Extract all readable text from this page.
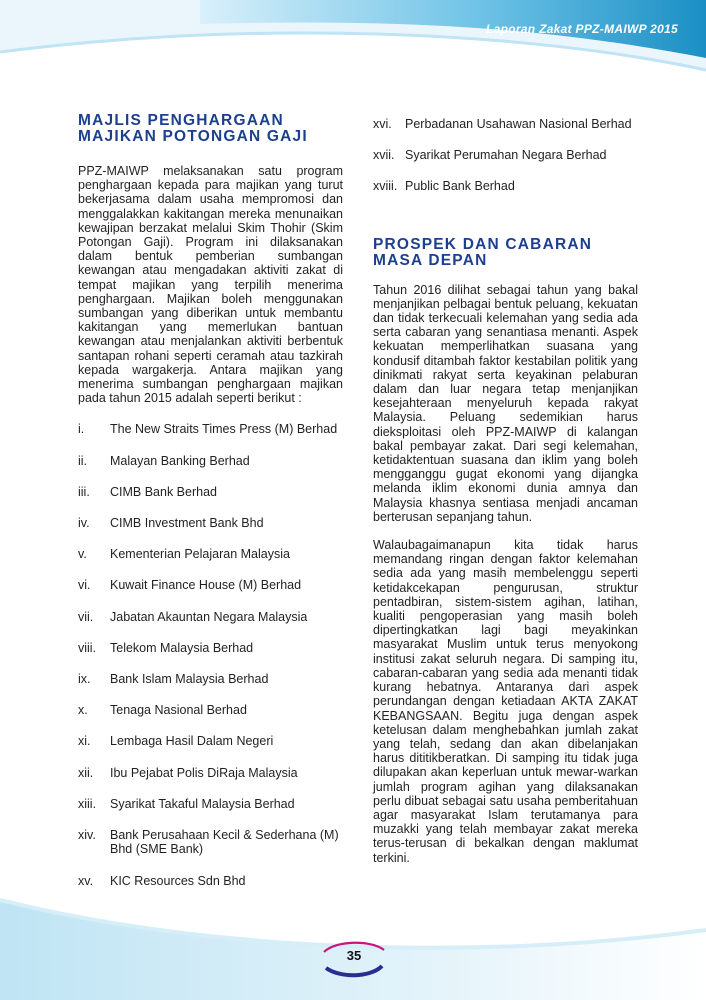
Laporan Zakat PPZ-MAIWP 2015
MAJLIS PENGHARGAAN
MAJIKAN POTONGAN GAJI

PPZ-MAIWP melaksanakan satu program penghargaan kepada para majikan yang turut bekerjasama dalam usaha mempromosi dan menggalakkan kakitangan mereka menunaikan kewajipan berzakat melalui Skim Thohir (Skim Potongan Gaji). Program ini dilaksanakan dalam bentuk pemberian sumbangan kewangan atau mengadakan aktiviti zakat di tempat majikan yang terpilih menerima penghargaan. Majikan boleh menggunakan sumbangan yang diberikan untuk membantu kakitangan yang memerlukan bantuan kewangan atau menjalankan aktiviti berbentuk santapan rohani seperti ceramah atau tazkirah kepada wargakerja. Antara majikan yang menerima sumbangan penghargaan majikan pada tahun 2015 adalah seperti berikut :

i.	The New Straits Times Press (M) Berhad
ii.	Malayan Banking Berhad
iii.	CIMB Bank Berhad
iv.	CIMB Investment Bank Bhd
v.	Kementerian Pelajaran Malaysia
vi.	Kuwait Finance House (M) Berhad
vii.	Jabatan Akauntan Negara Malaysia
viii.	Telekom Malaysia Berhad
ix.	Bank Islam Malaysia Berhad
x.	Tenaga Nasional Berhad
xi.	Lembaga Hasil Dalam Negeri
xii.	Ibu Pejabat Polis DiRaja Malaysia
xiii.	Syarikat Takaful Malaysia Berhad
xiv.	Bank Perusahaan Kecil & Sederhana (M) Bhd (SME Bank)
xv.	KIC Resources Sdn Bhd
xvi.	Perbadanan Usahawan Nasional Berhad
xvii. Syarikat Perumahan Negara Berhad
xviii. Public Bank Berhad
PROSPEK DAN CABARAN
MASA DEPAN

Tahun 2016 dilihat sebagai tahun yang bakal menjanjikan pelbagai bentuk peluang, kekuatan dan tidak terkecuali kelemahan yang sedia ada serta cabaran yang senantiasa menanti. Aspek kekuatan memperlihatkan suasana yang kondusif ditambah faktor kestabilan politik yang dinikmati rakyat serta keyakinan pelaburan dalam dan luar negara tetap menjanjikan kesejahteraan menyeluruh kepada rakyat Malaysia. Peluang sedemikian harus dieksploitasi oleh PPZ-MAIWP di kalangan bakal pembayar zakat. Dari segi kelemahan, ketidaktentuan suasana dan iklim yang boleh mengganggu gugat ekonomi yang dijangka melanda iklim ekonomi dunia amnya dan Malaysia khasnya sentiasa menjadi ancaman berterusan sepanjang tahun.

Walaubagaimanapun kita tidak harus memandang ringan dengan faktor kelemahan sedia ada yang masih membelenggu seperti ketidakcekapan pengurusan, struktur pentadbiran, sistem-sistem agihan, latihan, kualiti pengoperasian yang masih boleh dipertingkatkan lagi bagi meyakinkan masyarakat Muslim untuk terus menyokong institusi zakat seluruh negara. Di samping itu, cabaran-cabaran yang sedia ada menanti tidak kurang hebatnya. Antaranya dari aspek perundangan dengan ketiadaan AKTA ZAKAT KEBANGSAAN. Begitu juga dengan aspek ketelusan dalam menghebahkan jumlah zakat yang telah, sedang dan akan dibelanjakan harus dititikberatkan. Di samping itu tidak juga dilupakan akan keperluan untuk mewar-warkan jumlah program agihan yang dilaksanakan perlu dibuat sebagai satu usaha pemberitahuan agar masyarakat Islam terutamanya para muzakki yang telah membayar zakat mereka terus-terusan di bekalkan dengan maklumat terkini.

35
